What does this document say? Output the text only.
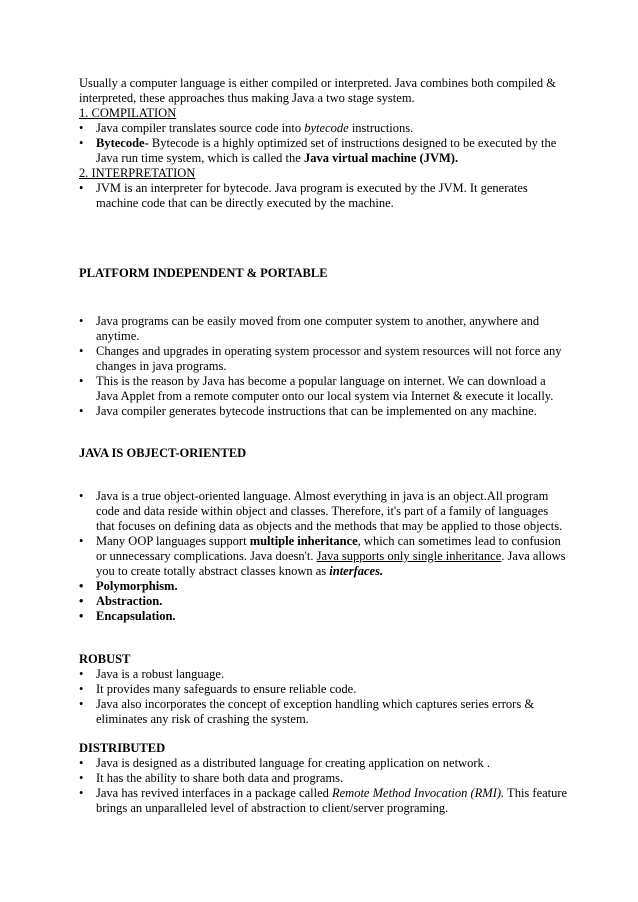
Usually a computer language is either compiled or interpreted. Java combines both compiled & interpreted, these approaches thus making Java a two stage system.
1. COMPILATION
• Java compiler translates source code into bytecode instructions.
• Bytecode- Bytecode is a highly optimized set of instructions designed to be executed by the Java run time system, which is called the Java virtual machine (JVM).
2. INTERPRETATION
• JVM is an interpreter for bytecode. Java program is executed by the JVM. It generates machine code that can be directly executed by the machine.
PLATFORM INDEPENDENT & PORTABLE
• Java programs can be easily moved from one computer system to another, anywhere and anytime.
• Changes and upgrades in operating system processor and system resources will not force any changes in java programs.
• This is the reason by Java has become a popular language on internet. We can download a Java Applet from a remote computer onto our local system via Internet & execute it locally.
• Java compiler generates bytecode instructions that can be implemented on any machine.
JAVA IS OBJECT-ORIENTED
• Java is a true object-oriented language. Almost everything in java is an object.All program code and data reside within object and classes. Therefore, it's part of a family of languages that focuses on defining data as objects and the methods that may be applied to those objects.
• Many OOP languages support multiple inheritance, which can sometimes lead to confusion or unnecessary complications. Java doesn't. Java supports only single inheritance. Java allows you to create totally abstract classes known as interfaces.
• Polymorphism.
• Abstraction.
• Encapsulation.
ROBUST
• Java is a robust language.
• It provides many safeguards to ensure reliable code.
• Java also incorporates the concept of exception handling which captures series errors & eliminates any risk of crashing the system.
DISTRIBUTED
• Java is designed as a distributed language for creating application on network .
• It has the ability to share both data and programs.
• Java has revived interfaces in a package called Remote Method Invocation (RMI). This feature brings an unparalleled level of abstraction to client/server programing.
